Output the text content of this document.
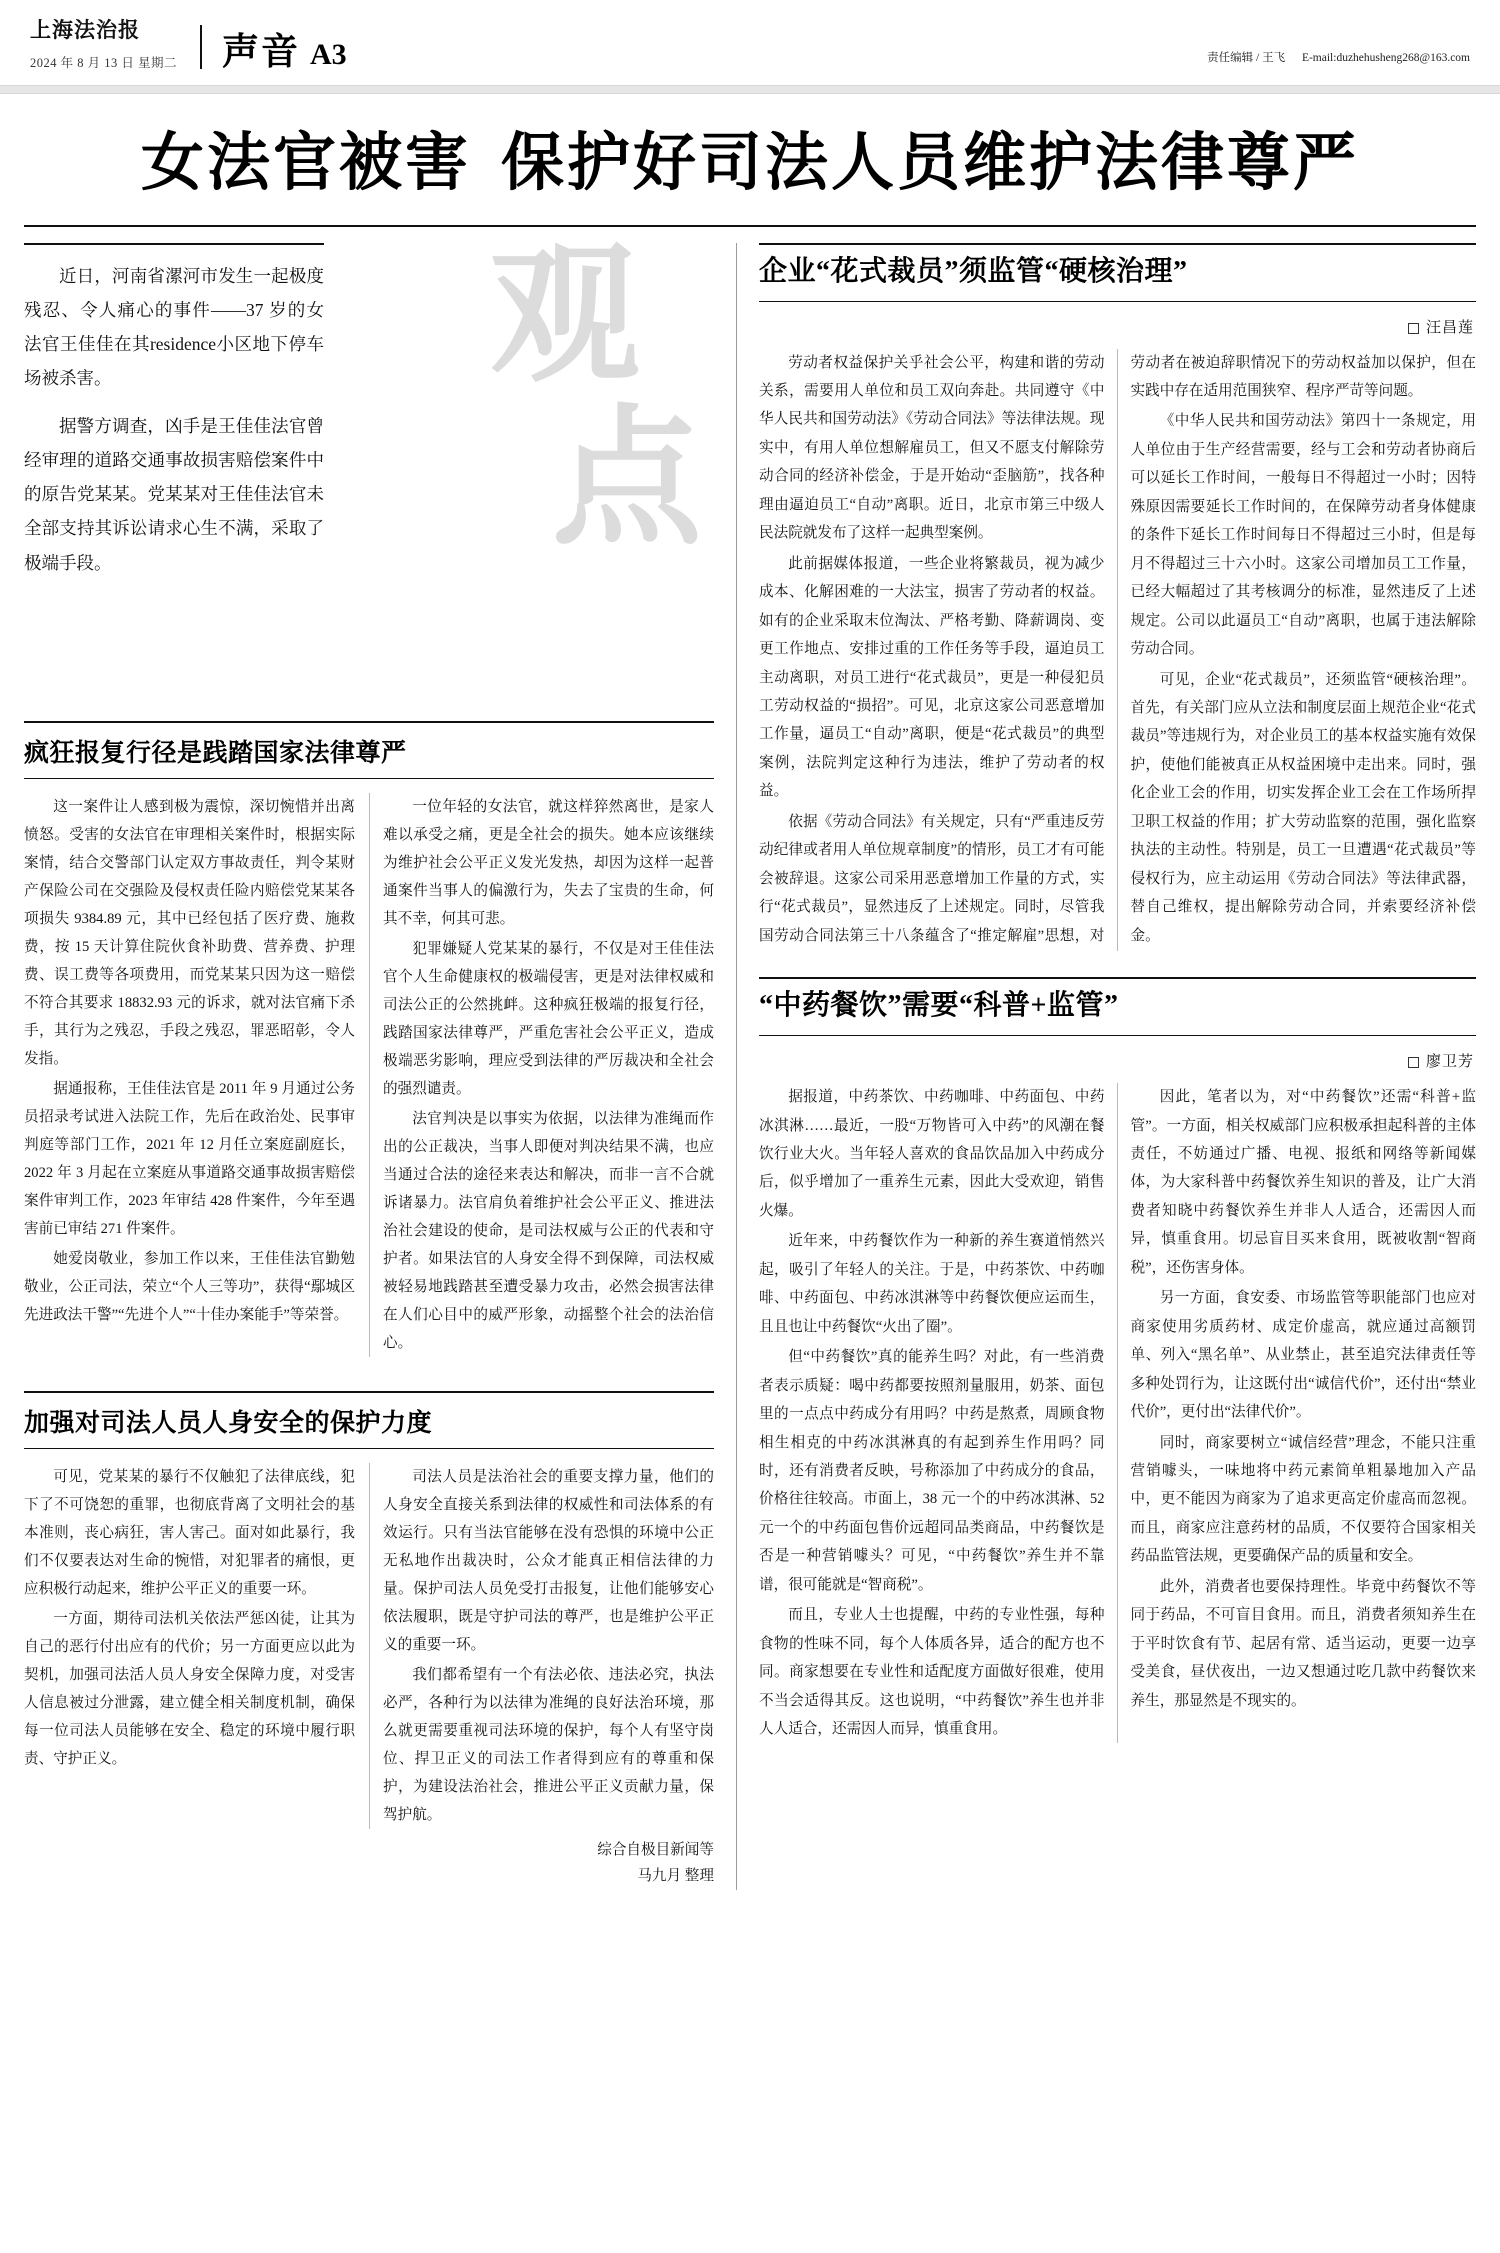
上海法治报
2024 年 8 月 13 日 星期二	声音 A3	责任编辑 / 王飞 E-mail:duzhehusheng268@163.com
女法官被害 保护好司法人员维护法律尊严
观
点

近日，河南省漯河市发生一起极度残忍、令人痛心的事件——37 岁的女法官王佳佳在其residence小区地下停车场被杀害。

据警方调查，凶手是王佳佳法官曾经审理的道路交通事故损害赔偿案件中的原告党某某。党某某对王佳佳法官未全部支持其诉讼请求心生不满，采取了极端手段。

疯狂报复行径是践踏国家法律尊严

这一案件让人感到极为震惊，深切惋惜并出离愤怒。受害的女法官在审理相关案件时，根据实际案情，结合交警部门认定双方事故责任，判令某财产保险公司在交强险及侵权责任险内赔偿党某某各项损失 9384.89 元，其中已经包括了医疗费、施救费，按 15 天计算住院伙食补助费、营养费、护理费、误工费等各项费用，而党某某只因为这一赔偿不符合其要求 18832.93 元的诉求，就对法官痛下杀手，其行为之残忍，手段之残忍，罪恶昭彰，令人发指。

据通报称，王佳佳法官是 2011 年 9 月通过公务员招录考试进入法院工作，先后在政治处、民事审判庭等部门工作，2021 年 12 月任立案庭副庭长，2022 年 3 月起在立案庭从事道路交通事故损害赔偿案件审判工作，2023 年审结 428 件案件，今年至遇害前已审结 271 件案件。

她爱岗敬业，参加工作以来，王佳佳法官勤勉敬业，公正司法，荣立“个人三等功”，获得“鄢城区先进政法干警”“先进个人”“十佳办案能手”等荣誉。

一位年轻的女法官，就这样猝然离世，是家人难以承受之痛，更是全社会的损失。她本应该继续为维护社会公平正义发光发热，却因为这样一起普通案件当事人的偏激行为，失去了宝贵的生命，何其不幸，何其可悲。

犯罪嫌疑人党某某的暴行，不仅是对王佳佳法官个人生命健康权的极端侵害，更是对法律权威和司法公正的公然挑衅。这种疯狂极端的报复行径，践踏国家法律尊严，严重危害社会公平正义，造成极端恶劣影响，理应受到法律的严厉裁决和全社会的强烈谴责。

法官判决是以事实为依据，以法律为准绳而作出的公正裁决，当事人即便对判决结果不满，也应当通过合法的途径来表达和解决，而非一言不合就诉诸暴力。法官肩负着维护社会公平正义、推进法治社会建设的使命，是司法权威与公正的代表和守护者。如果法官的人身安全得不到保障，司法权威被轻易地践踏甚至遭受暴力攻击，必然会损害法律在人们心目中的威严形象，动摇整个社会的法治信心。

加强对司法人员人身安全的保护力度

可见，党某某的暴行不仅触犯了法律底线，犯下了不可饶恕的重罪，也彻底背离了文明社会的基本准则，丧心病狂，害人害己。面对如此暴行，我们不仅要表达对生命的惋惜，对犯罪者的痛恨，更应积极行动起来，维护公平正义的重要一环。

一方面，期待司法机关依法严惩凶徒，让其为自己的恶行付出应有的代价；另一方面更应以此为契机，加强司法活人员人身安全保障力度，对受害人信息被过分泄露，建立健全相关制度机制，确保每一位司法人员能够在安全、稳定的环境中履行职责、守护正义。

司法人员是法治社会的重要支撑力量，他们的人身安全直接关系到法律的权威性和司法体系的有效运行。只有当法官能够在没有恐惧的环境中公正无私地作出裁决时，公众才能真正相信法律的力量。保护司法人员免受打击报复，让他们能够安心依法履职，既是守护司法的尊严，也是维护公平正义的重要一环。

我们都希望有一个有法必依、违法必究，执法必严，各种行为以法律为准绳的良好法治环境，那么就更需要重视司法环境的保护，每个人有坚守岗位、捍卫正义的司法工作者得到应有的尊重和保护，为建设法治社会，推进公平正义贡献力量，保驾护航。

综合自极目新闻等
马九月 整理
企业“花式裁员”须监管“硬核治理”
汪昌莲

劳动者权益保护关乎社会公平，构建和谐的劳动关系，需要用人单位和员工双向奔赴。共同遵守《中华人民共和国劳动法》《劳动合同法》等法律法规。现实中，有用人单位想解雇员工，但又不愿支付解除劳动合同的经济补偿金，于是开始动“歪脑筋”，找各种理由逼迫员工“自动”离职。近日，北京市第三中级人民法院就发布了这样一起典型案例。

此前据媒体报道，一些企业将繁裁员，视为减少成本、化解困难的一大法宝，损害了劳动者的权益。如有的企业采取末位淘汰、严格考勤、降薪调岗、变更工作地点、安排过重的工作任务等手段，逼迫员工主动离职，对员工进行“花式裁员”，更是一种侵犯员工劳动权益的“损招”。可见，北京这家公司恶意增加工作量，逼员工“自动”离职，便是“花式裁员”的典型案例，法院判定这种行为违法，维护了劳动者的权益。

依据《劳动合同法》有关规定，只有“严重违反劳动纪律或者用人单位规章制度”的情形，员工才有可能会被辞退。这家公司采用恶意增加工作量的方式，实行“花式裁员”，显然违反了上述规定。同时，尽管我国劳动合同法第三十八条蕴含了“推定解雇”思想，对劳动者在被迫辞职情况下的劳动权益加以保护，但在实践中存在适用范围狭窄、程序严苛等问题。

《中华人民共和国劳动法》第四十一条规定，用人单位由于生产经营需要，经与工会和劳动者协商后可以延长工作时间，一般每日不得超过一小时；因特殊原因需要延长工作时间的，在保障劳动者身体健康的条件下延长工作时间每日不得超过三小时，但是每月不得超过三十六小时。这家公司增加员工工作量，已经大幅超过了其考核调分的标准，显然违反了上述规定。公司以此逼员工“自动”离职，也属于违法解除劳动合同。

可见，企业“花式裁员”，还须监管“硬核治理”。首先，有关部门应从立法和制度层面上规范企业“花式裁员”等违规行为，对企业员工的基本权益实施有效保护，使他们能被真正从权益困境中走出来。同时，强化企业工会的作用，切实发挥企业工会在工作场所捍卫职工权益的作用；扩大劳动监察的范围，强化监察执法的主动性。特别是，员工一旦遭遇“花式裁员”等侵权行为，应主动运用《劳动合同法》等法律武器，替自己维权，提出解除劳动合同，并索要经济补偿金。

“中药餐饮”需要“科普+监管”
廖卫芳

据报道，中药茶饮、中药咖啡、中药面包、中药冰淇淋……最近，一股“万物皆可入中药”的风潮在餐饮行业大火。当年轻人喜欢的食品饮品加入中药成分后，似乎增加了一重养生元素，因此大受欢迎，销售火爆。

近年来，中药餐饮作为一种新的养生赛道悄然兴起，吸引了年轻人的关注。于是，中药茶饮、中药咖啡、中药面包、中药冰淇淋等中药餐饮便应运而生，且且也让中药餐饮“火出了圈”。

但“中药餐饮”真的能养生吗？对此，有一些消费者表示质疑：喝中药都要按照剂量服用，奶茶、面包里的一点点中药成分有用吗？中药是熬煮，周顾食物相生相克的中药冰淇淋真的有起到养生作用吗？同时，还有消费者反映，号称添加了中药成分的食品，价格往往较高。市面上，38 元一个的中药冰淇淋、52 元一个的中药面包售价远超同品类商品，中药餐饮是否是一种营销噱头？可见，“中药餐饮”养生并不靠谱，很可能就是“智商税”。

而且，专业人士也提醒，中药的专业性强，每种食物的性味不同，每个人体质各异，适合的配方也不同。商家想要在专业性和适配度方面做好很难，使用不当会适得其反。这也说明，“中药餐饮”养生也并非人人适合，还需因人而异，慎重食用。

因此，笔者以为，对“中药餐饮”还需“科普+监管”。一方面，相关权威部门应积极承担起科普的主体责任，不妨通过广播、电视、报纸和网络等新闻媒体，为大家科普中药餐饮养生知识的普及，让广大消费者知晓中药餐饮养生并非人人适合，还需因人而异，慎重食用。切忌盲目买来食用，既被收割“智商税”，还伤害身体。

另一方面，食安委、市场监管等职能部门也应对商家使用劣质药材、成定价虚高，就应通过高额罚单、列入“黑名单”、从业禁止，甚至追究法律责任等多种处罚行为，让这既付出“诚信代价”，还付出“禁业代价”，更付出“法律代价”。

同时，商家要树立“诚信经营”理念，不能只注重营销噱头，一味地将中药元素简单粗暴地加入产品中，更不能因为商家为了追求更高定价虚高而忽视。而且，商家应注意药材的品质，不仅要符合国家相关药品监管法规，更要确保产品的质量和安全。

此外，消费者也要保持理性。毕竟中药餐饮不等同于药品，不可盲目食用。而且，消费者须知养生在于平时饮食有节、起居有常、适当运动，更要一边享受美食，昼伏夜出，一边又想通过吃几款中药餐饮来养生，那显然是不现实的。
